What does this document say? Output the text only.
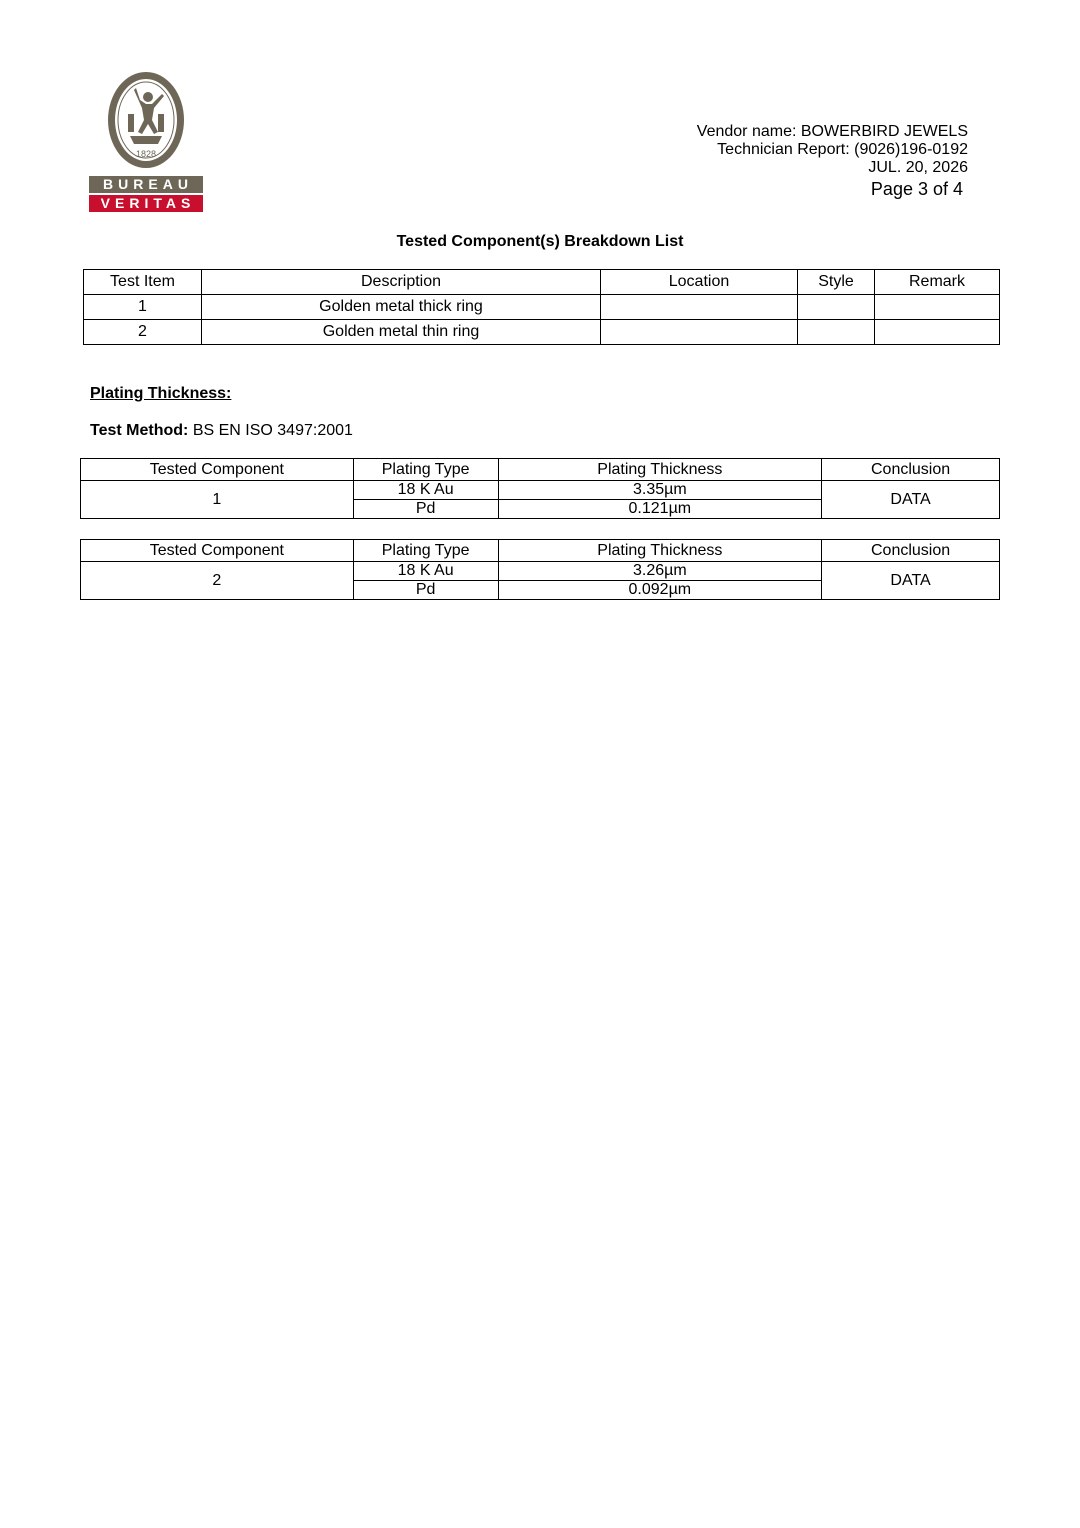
1828
BUREAU
VERITAS
Vendor name: BOWERBIRD JEWELS
Technician Report: (9026)196-0192
JUL. 20, 2026
Page 3 of 4
Tested Component(s) Breakdown List
Test Item	Description	Location	Style	Remark
1	Golden metal thick ring			
2	Golden metal thin ring			
Plating Thickness:
Test Method: BS EN ISO 3497:2001
Tested Component	Plating Type	Plating Thickness	Conclusion
1	18 K Au	3.35µm	DATA
	Pd	0.121µm	
Tested Component	Plating Type	Plating Thickness	Conclusion
2	18 K Au	3.26µm	DATA
	Pd	0.092µm	
